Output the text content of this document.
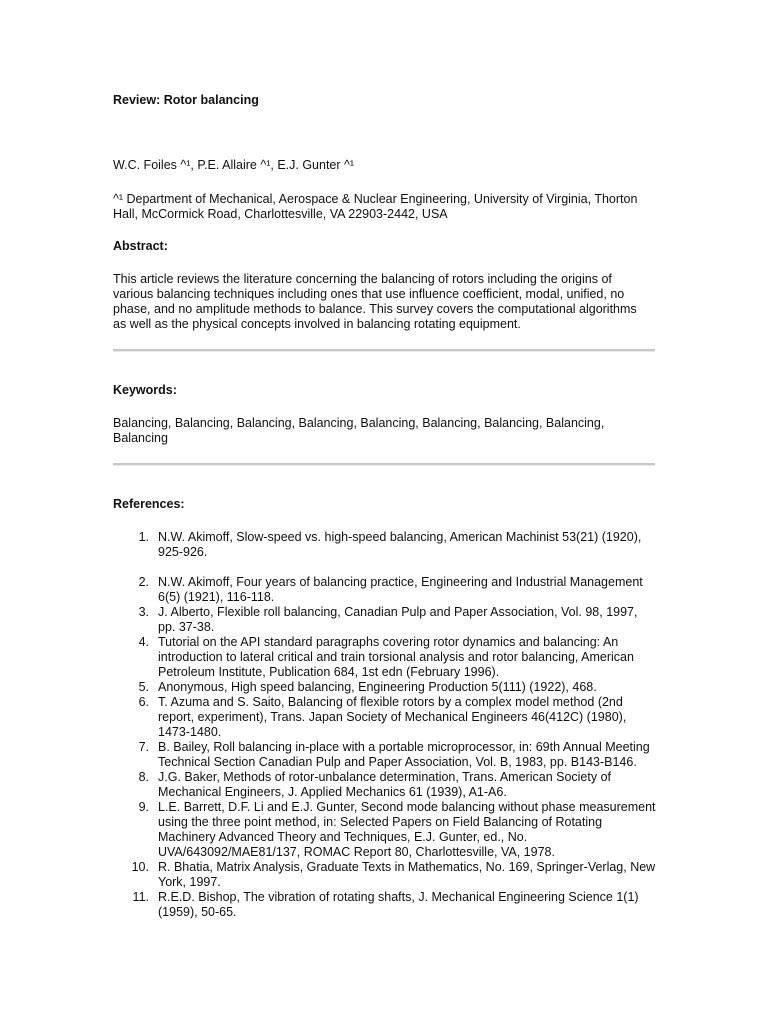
Review: Rotor balancing
W.C. Foiles ^¹, P.E. Allaire ^¹, E.J. Gunter ^¹
^¹ Department of Mechanical, Aerospace & Nuclear Engineering, University of Virginia, Thorton Hall, McCormick Road, Charlottesville, VA 22903-2442, USA
Abstract:
This article reviews the literature concerning the balancing of rotors including the origins of various balancing techniques including ones that use influence coefficient, modal, unified, no phase, and no amplitude methods to balance. This survey covers the computational algorithms as well as the physical concepts involved in balancing rotating equipment.
Keywords:
Balancing, Balancing, Balancing, Balancing, Balancing, Balancing, Balancing, Balancing, Balancing
References:
1. N.W. Akimoff, Slow-speed vs. high-speed balancing, American Machinist 53(21) (1920), 925-926.
2. N.W. Akimoff, Four years of balancing practice, Engineering and Industrial Management 6(5) (1921), 116-118.
3. J. Alberto, Flexible roll balancing, Canadian Pulp and Paper Association, Vol. 98, 1997, pp. 37-38.
4. Tutorial on the API standard paragraphs covering rotor dynamics and balancing: An introduction to lateral critical and train torsional analysis and rotor balancing, American Petroleum Institute, Publication 684, 1st edn (February 1996).
5. Anonymous, High speed balancing, Engineering Production 5(111) (1922), 468.
6. T. Azuma and S. Saito, Balancing of flexible rotors by a complex model method (2nd report, experiment), Trans. Japan Society of Mechanical Engineers 46(412C) (1980), 1473-1480.
7. B. Bailey, Roll balancing in-place with a portable microprocessor, in: 69th Annual Meeting Technical Section Canadian Pulp and Paper Association, Vol. B, 1983, pp. B143-B146.
8. J.G. Baker, Methods of rotor-unbalance determination, Trans. American Society of Mechanical Engineers, J. Applied Mechanics 61 (1939), A1-A6.
9. L.E. Barrett, D.F. Li and E.J. Gunter, Second mode balancing without phase measurement using the three point method, in: Selected Papers on Field Balancing of Rotating Machinery Advanced Theory and Techniques, E.J. Gunter, ed., No. UVA/643092/MAE81/137, ROMAC Report 80, Charlottesville, VA, 1978.
10. R. Bhatia, Matrix Analysis, Graduate Texts in Mathematics, No. 169, Springer-Verlag, New York, 1997.
11. R.E.D. Bishop, The vibration of rotating shafts, J. Mechanical Engineering Science 1(1) (1959), 50-65.
